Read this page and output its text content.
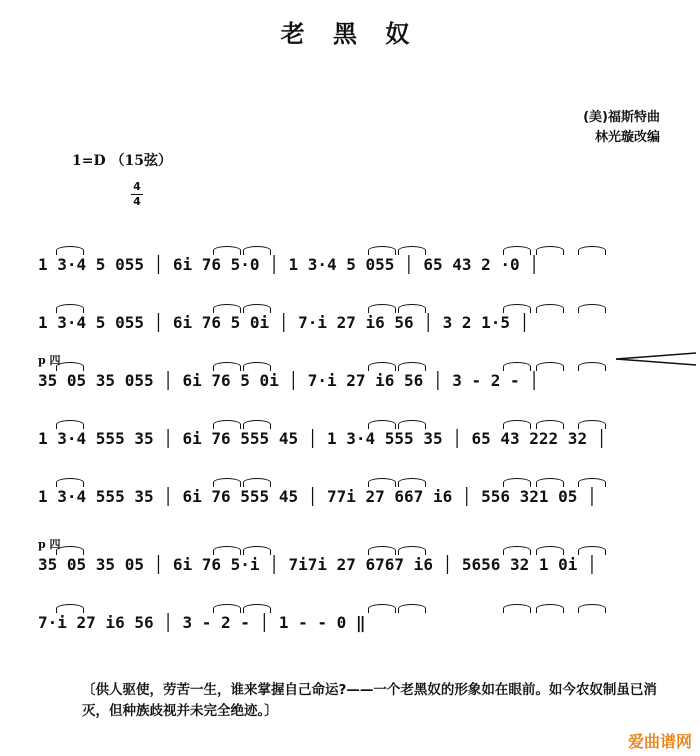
老 黑 奴
(美)福斯特曲
林光璇改编
1=D （15弦）
4
4
1 3·4 5 055 │ 6i 76 5·0 │ 1 3·4 5 055 │ 65 43 2 ·0 │
1 3·4 5 055 │ 6i 76 5 0i │ 7·i 27 i6 56 │ 3 2 1·5 │
p 四
35 05 35 055 │ 6i 76 5 0i │ 7·i 27 i6 56 │ 3 - 2 - │
1 3·4 555 35 │ 6i 76 555 45 │ 1 3·4 555 35 │ 65 43 222 32 │
1 3·4 555 35 │ 6i 76 555 45 │ 77i 27 667 i6 │ 556 321 05 │
p 四
35 05 35 05 │ 6i 76 5·i │ 7i7i 27 6767 i6 │ 5656 32 1 0i │
7·i 27 i6 56 │ 3 - 2 - │ 1 - - 0 ‖
〔供人驱使，劳苦一生，谁来掌握自己命运?——一个老黑奴的形象如在眼前。如今农奴制虽已消灭，但种族歧视并未完全绝迹。〕
爱曲谱网
